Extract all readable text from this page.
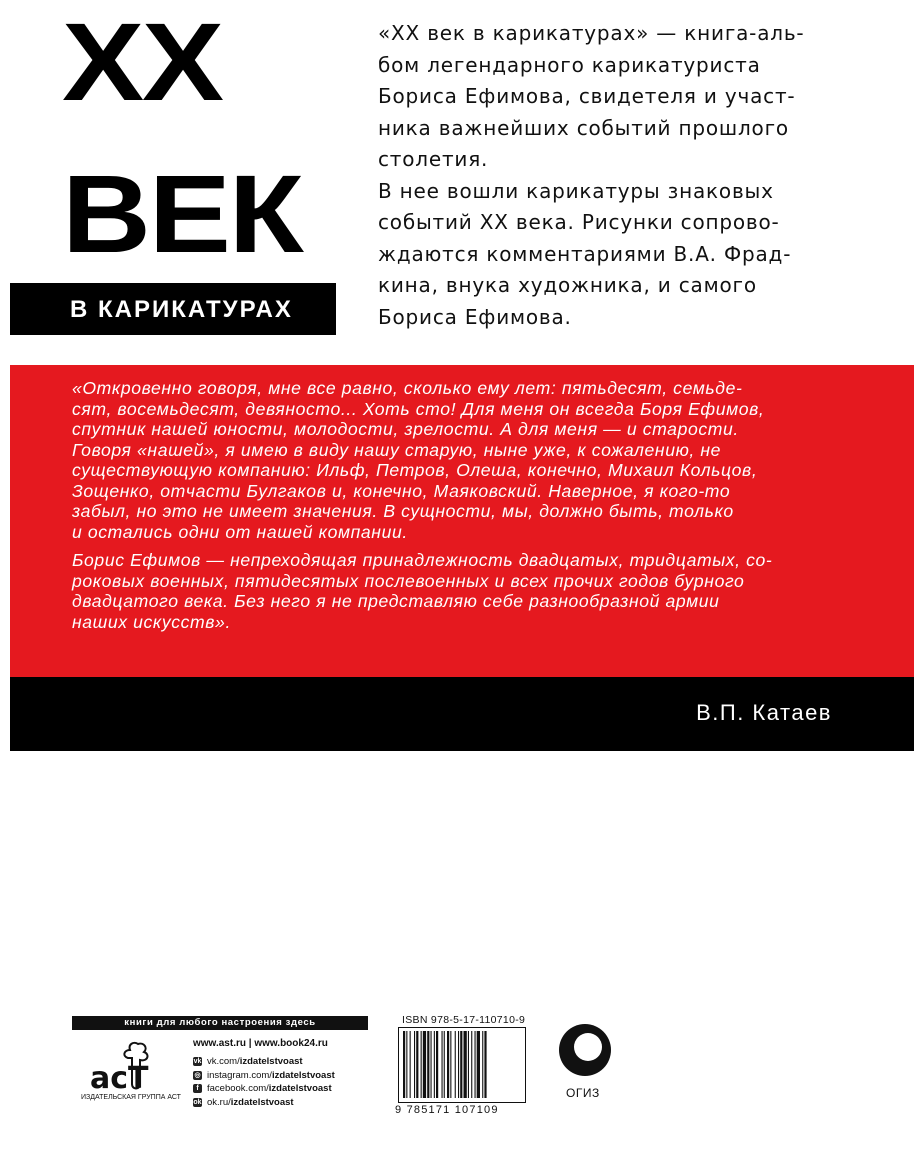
XX
ВЕК
В КАРИКАТУРАХ

«XX век в карикатурах» — книга-аль-

бом легендарного карикатуриста

Бориса Ефимова, свидетеля и участ-

ника важнейших событий прошлого

столетия.

В нее вошли карикатуры знаковых

событий XX века. Рисунки сопрово-

ждаются комментариями В.А. Фрад-

кина, внука художника, и самого

Бориса Ефимова.

«Откровенно говоря, мне все равно, сколько ему лет: пятьдесят, семьде-
сят, восемьдесят, девяносто... Хоть сто! Для меня он всегда Боря Ефимов,
спутник нашей юности, молодости, зрелости. А для меня — и старости.
Говоря «нашей», я имею в виду нашу старую, ныне уже, к сожалению, не
существующую компанию: Ильф, Петров, Олеша, конечно, Михаил Кольцов,
Зощенко, отчасти Булгаков и, конечно, Маяковский. Наверное, я кого-то
забыл, но это не имеет значения. В сущности, мы, должно быть, только
и остались одни от нашей компании.

Борис Ефимов — непреходящая принадлежность двадцатых, тридцатых, со-
роковых военных, пятидесятых послевоенных и всех прочих годов бурного
двадцатого века. Без него я не представляю себе разнообразной армии
наших искусств».

В.П. Катаев
книги для любого настроения здесь
acT
ИЗДАТЕЛЬСКАЯ ГРУППА АСТ
www.ast.ru | www.book24.ru
vk vk.com/ izdatelstvoast
◎ instagram.com/ izdatelstvoast
f facebook.com/ izdatelstvoast
ok ok.ru/ izdatelstvoast
ISBN 978-5-17-110710-9
9 785171 107109
ОГИЗ
